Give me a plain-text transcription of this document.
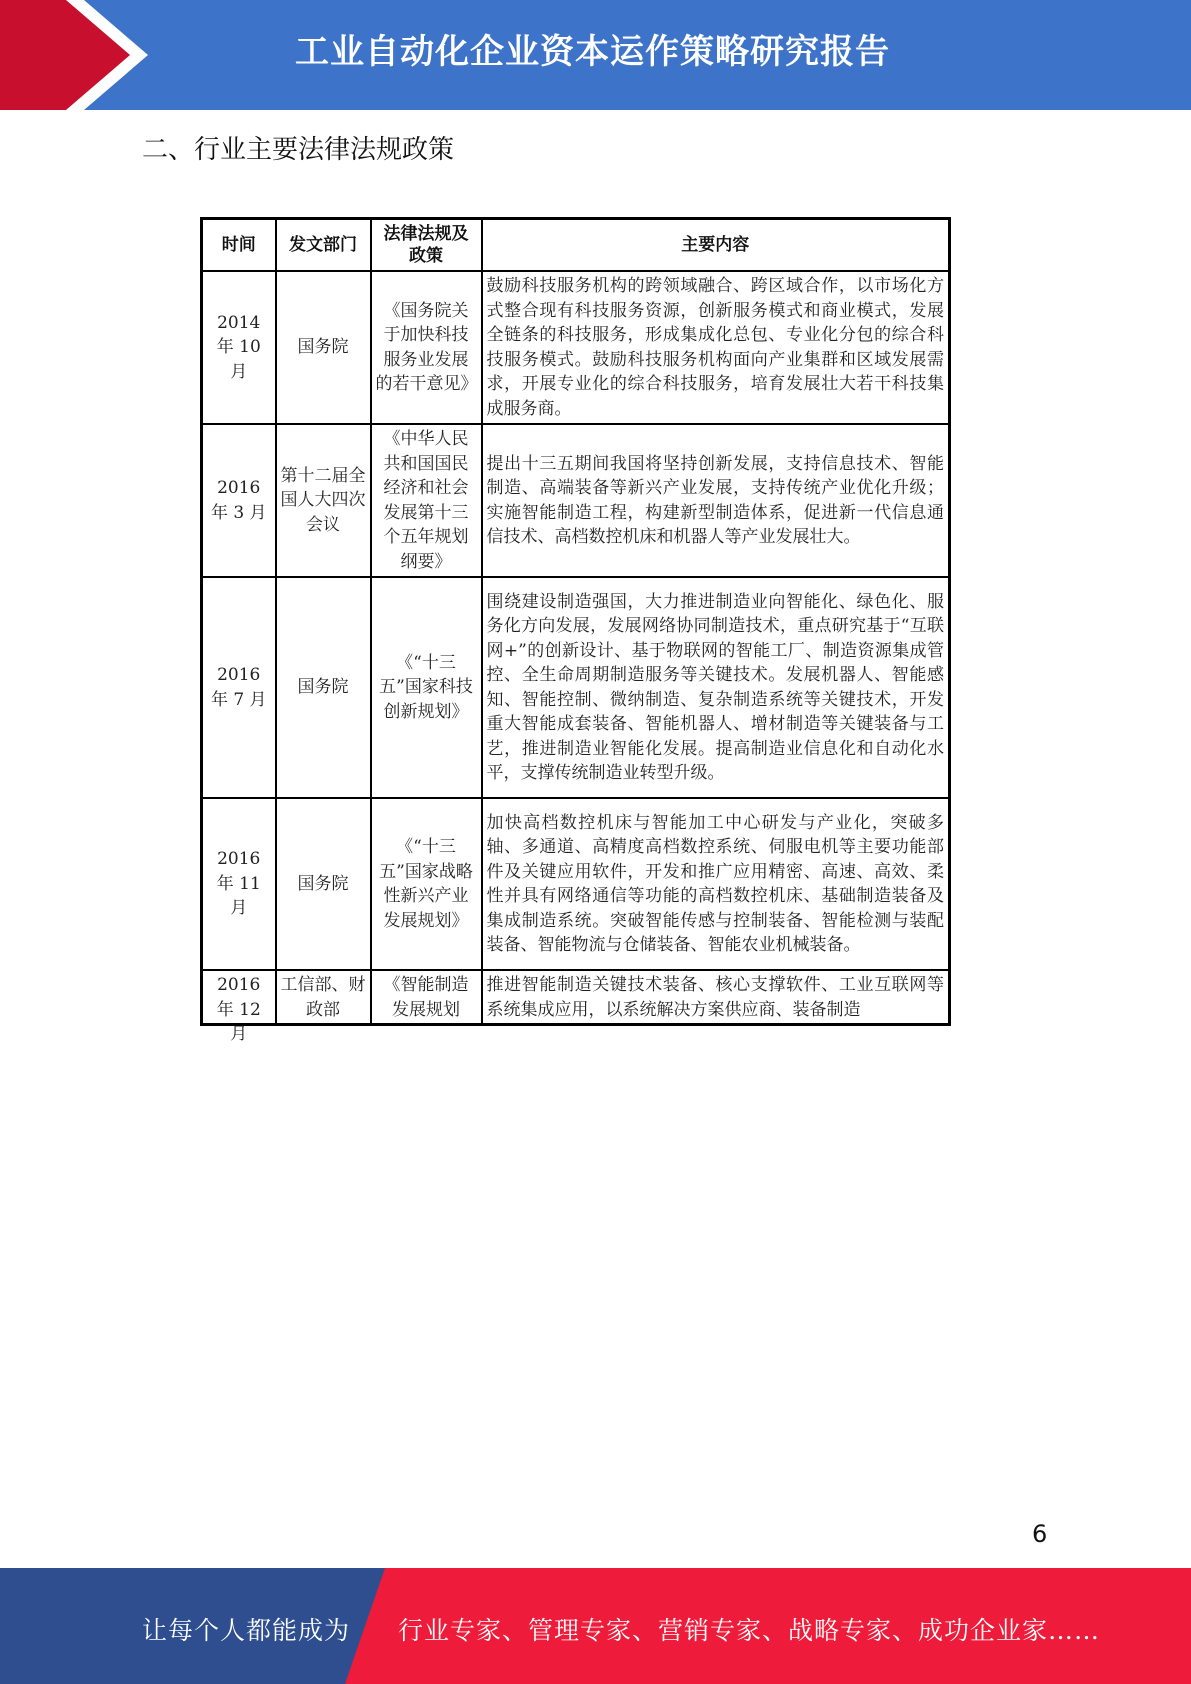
工业自动化企业资本运作策略研究报告
二、行业主要法律法规政策
时间	发文部门	法律法规及政策	主要内容
2014 年 10 月	国务院	《国务院关于加快科技服务业发展的若干意见》	鼓励科技服务机构的跨领域融合、跨区域合作，以市场化方式整合现有科技服务资源，创新服务模式和商业模式，发展全链条的科技服务，形成集成化总包、专业化分包的综合科技服务模式。鼓励科技服务机构面向产业集群和区域发展需求，开展专业化的综合科技服务，培育发展壮大若干科技集成服务商。
2016 年 3 月	第十二届全国人大四次会议	《中华人民共和国国民经济和社会发展第十三个五年规划纲要》	提出十三五期间我国将坚持创新发展，支持信息技术、智能制造、高端装备等新兴产业发展，支持传统产业优化升级；实施智能制造工程，构建新型制造体系，促进新一代信息通信技术、高档数控机床和机器人等产业发展壮大。
2016 年 7 月	国务院	《“十三五”国家科技创新规划》	围绕建设制造强国，大力推进制造业向智能化、绿色化、服务化方向发展，发展网络协同制造技术，重点研究基于“互联网+”的创新设计、基于物联网的智能工厂、制造资源集成管控、全生命周期制造服务等关键技术。发展机器人、智能感知、智能控制、微纳制造、复杂制造系统等关键技术，开发重大智能成套装备、智能机器人、增材制造等关键装备与工艺，推进制造业智能化发展。提高制造业信息化和自动化水平，支撑传统制造业转型升级。
2016 年 11 月	国务院	《“十三五”国家战略性新兴产业发展规划》	加快高档数控机床与智能加工中心研发与产业化，突破多轴、多通道、高精度高档数控系统、伺服电机等主要功能部件及关键应用软件，开发和推广应用精密、高速、高效、柔性并具有网络通信等功能的高档数控机床、基础制造装备及集成制造系统。突破智能传感与控制装备、智能检测与装配装备、智能物流与仓储装备、智能农业机械装备。

2016 年 12 月	工信部、财政部	《智能制造发展规划	推进智能制造关键技术装备、核心支撑软件、工业互联网等系统集成应用，以系统解决方案供应商、装备制造
6
让每个人都能成为 行业专家、管理专家、营销专家、战略专家、成功企业家……
